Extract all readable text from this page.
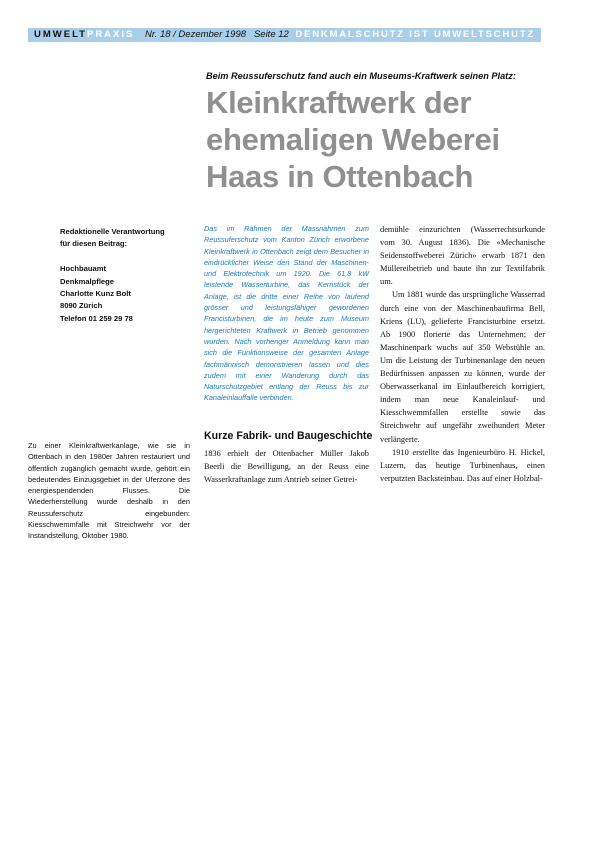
UMWELTPRAXIS Nr. 18 / Dezember 1998   Seite 12 DENKMALSCHUTZ IST UMWELTSCHUTZ
Beim Reussuferschutz fand auch ein Museums-Kraftwerk seinen Platz:
Kleinkraftwerk der ehemaligen Weberei Haas in Ottenbach
Redaktionelle Verantwortung
für diesen Beitrag:
Hochbauamt
Denkmalpflege
Charlotte Kunz Bolt
8090 Zürich
Telefon 01 259 29 78
Zu einer Kleinkraftwerkanlage, wie sie in Ottenbach in den 1980er Jahren restauriert und öffentlich zugänglich gemacht wurde, gehört ein bedeutendes Einzugsgebiet in der Uferzone des energiespendenden Flusses. Die Wiederherstellung wurde deshalb in den Reussuferschutz eingebunden: Kiesschwemmfalle mit Streichwehr vor der Instandstellung, Oktober 1980.
Das im Rahmen der Massnahmen zum Reussuferschutz vom Kanton Zürich erworbene Kleinkraftwerk in Ottenbach zeigt dem Besucher in eindrücklicher Weise den Stand der Maschinen- und Elektrotechnik um 1920. Die 61,8 kW leistende Wasserturbine, das Kernstück der Anlage, ist die dritte einer Reihe von laufend grösser und leistungsfähiger gewordenen Francisturbinen, die im heute zum Museum hergerichteten Kraftwerk in Betrieb genommen wurden. Nach vorheriger Anmeldung kann man sich die Funktionsweise der gesamten Anlage fachmännisch demonstrieren lassen und dies zudem mit einer Wanderung durch das Naturschutzgebiet entlang der Reuss bis zur Kanaleinlauffalle verbinden.
Kurze Fabrik- und Baugeschichte
1836 erhielt der Ottenbacher Müller Jakob Beerli die Bewilligung, an der Reuss eine Wasserkraftanlage zum Antrieb seiner Getrei-

demühle einzurichten (Wasserrechtsurkunde vom 30. August 1836). Die «Mechanische Seidenstoffweberei Zürich» erwarb 1871 den Müllereibetrieb und baute ihn zur Textilfabrik um.

Um 1881 wurde das ursprüngliche Wasserrad durch eine von der Maschinenbaufirma Bell, Kriens (LU), gelieferte Francisturbine ersetzt. Ab 1900 florierte das Unternehmen; der Maschinenpark wuchs auf 350 Webstühle an. Um die Leistung der Turbinenanlage den neuen Bedürfnissen anpassen zu können, wurde der Oberwasserkanal im Einlaufbereich korrigiert, indem man neue Kanaleinlauf- und Kiesschwemmfallen erstellte sowie das Streichwehr auf ungefähr zweihundert Meter verlängerte.

1910 erstellte das Ingenieurbüro H. Hickel, Luzern, das heutige Turbinenhaus, einen verputzten Backsteinbau. Das auf einer Holzbal-
